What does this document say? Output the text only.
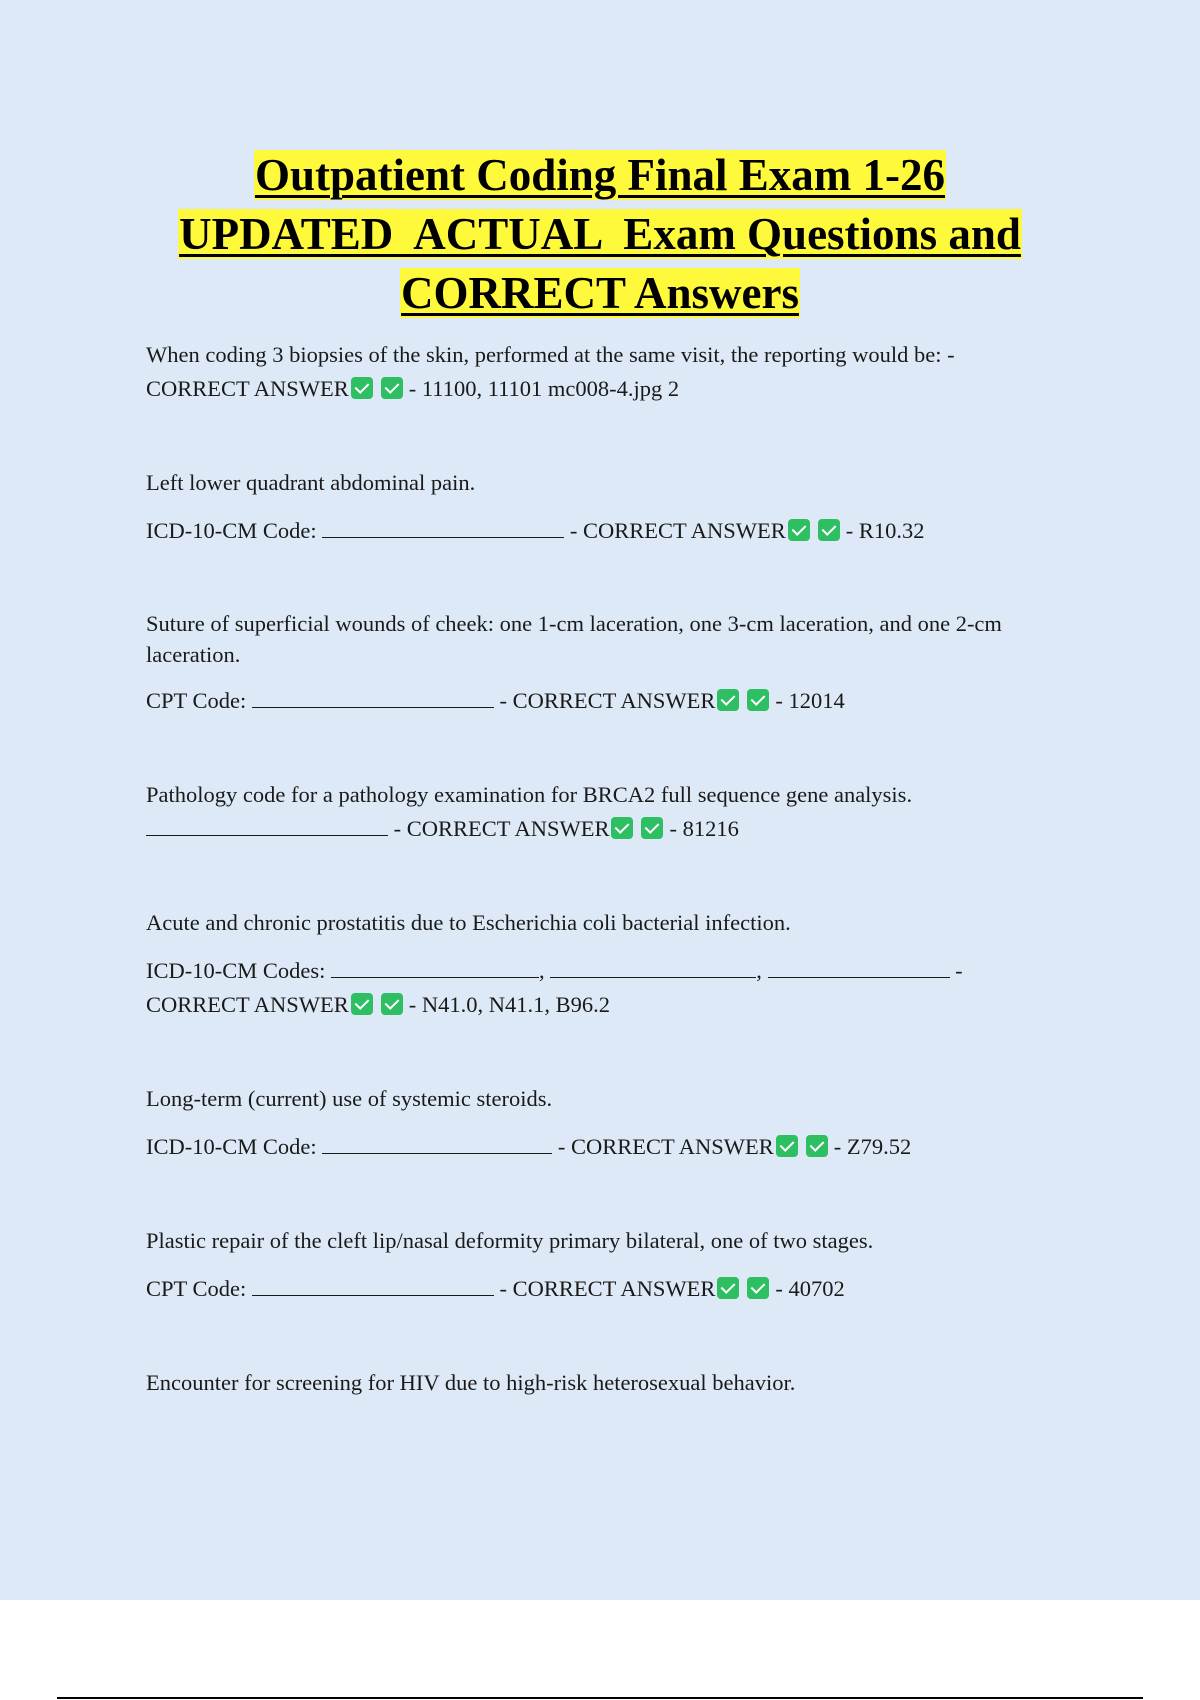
Outpatient Coding Final Exam 1-26
UPDATED  ACTUAL  Exam Questions and
CORRECT Answers

When coding 3 biopsies of the skin, performed at the same visit, the reporting would be: -
CORRECT ANSWER	- 11100, 11101 mc008-4.jpg 2

Left lower quadrant abdominal pain.

ICD-10-CM Code:	- CORRECT ANSWER	- R10.32

Suture of superficial wounds of cheek: one 1-cm laceration, one 3-cm laceration, and one 2-cm laceration.

CPT Code:	- CORRECT ANSWER	- 12014

Pathology code for a pathology examination for BRCA2 full sequence gene analysis.
- CORRECT ANSWER	- 81216

Acute and chronic prostatitis due to Escherichia coli bacterial infection.

ICD-10-CM Codes:	,	,	-
CORRECT ANSWER	- N41.0, N41.1, B96.2

Long-term (current) use of systemic steroids.

ICD-10-CM Code:	- CORRECT ANSWER	- Z79.52

Plastic repair of the cleft lip/nasal deformity primary bilateral, one of two stages.

CPT Code:	- CORRECT ANSWER	- 40702

Encounter for screening for HIV due to high-risk heterosexual behavior.
